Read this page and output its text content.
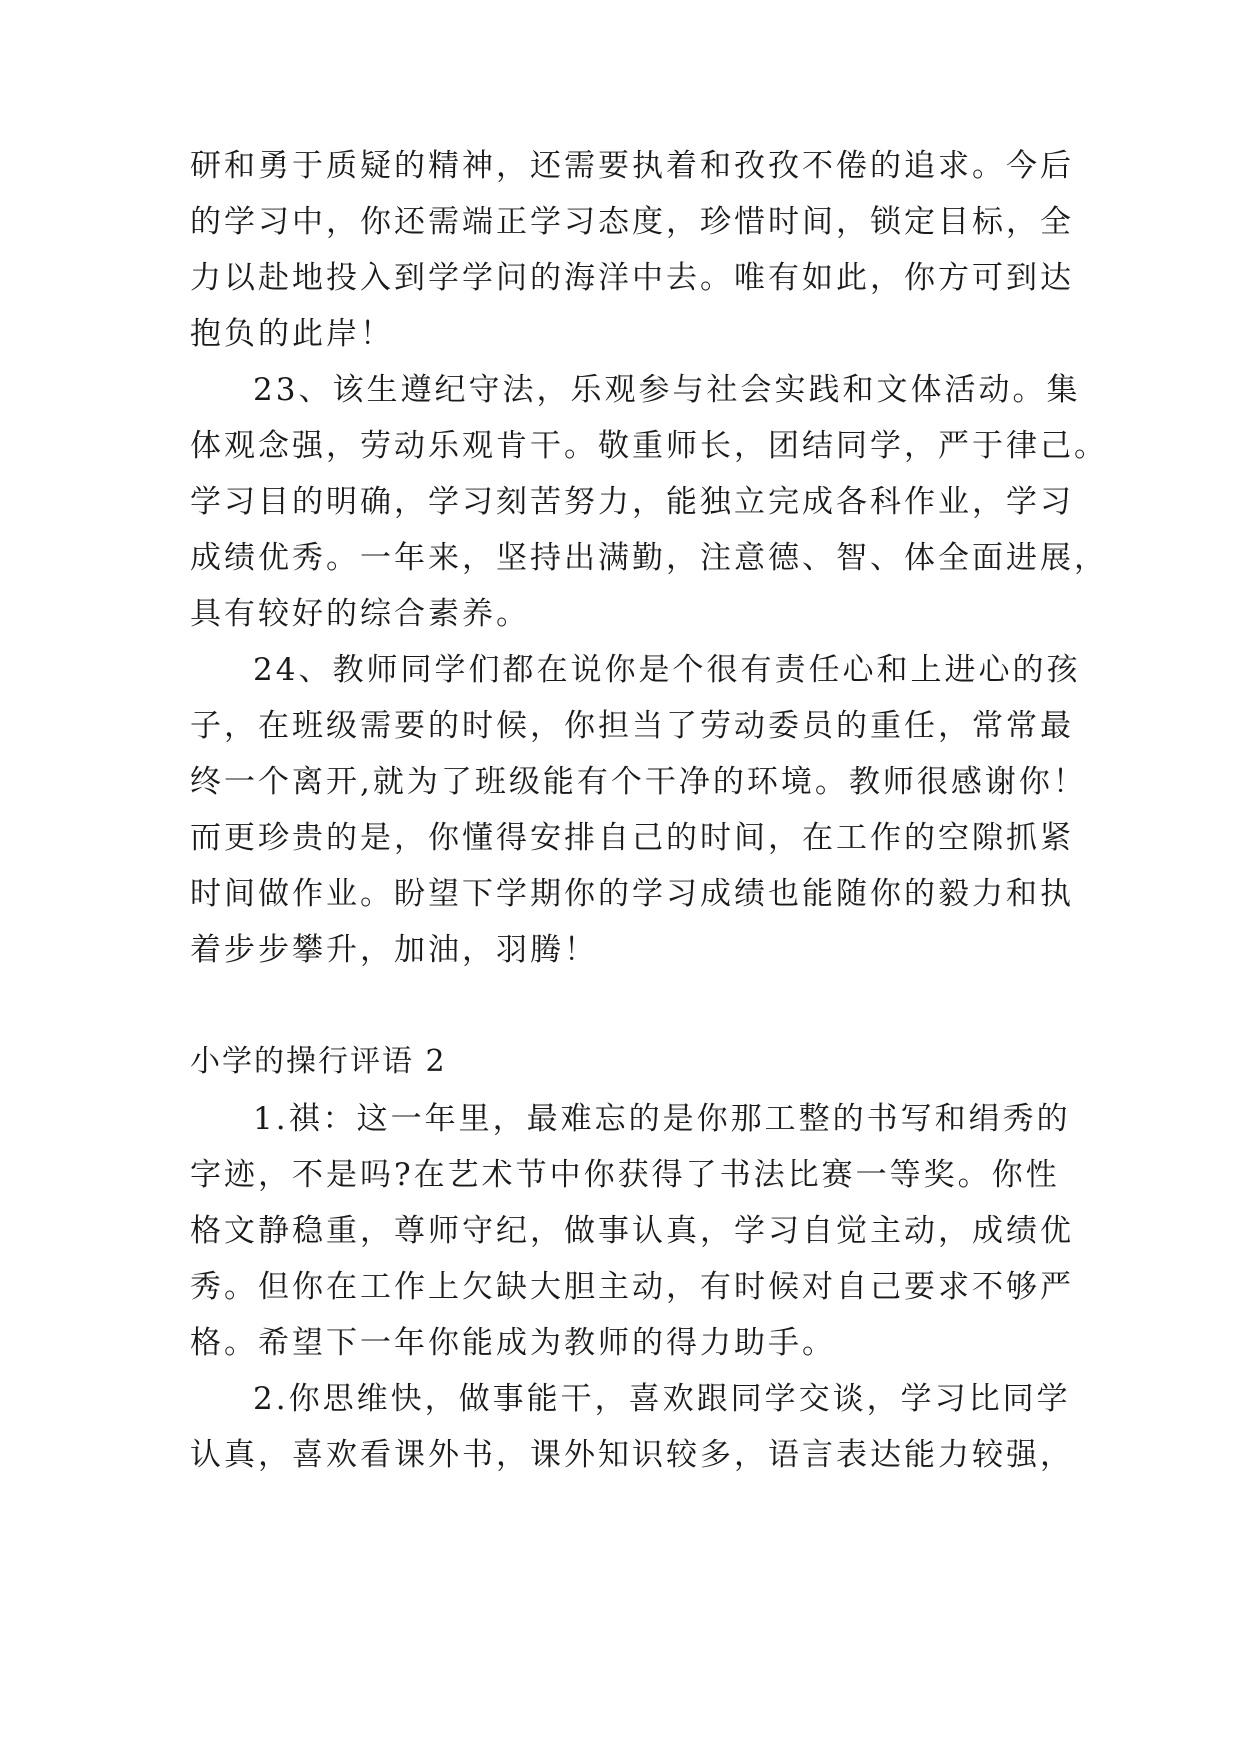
研和勇于质疑的精神，还需要执着和孜孜不倦的追求。今后
的学习中，你还需端正学习态度，珍惜时间，锁定目标，全
力以赴地投入到学学问的海洋中去。唯有如此，你方可到达
抱负的此岸！
23、该生遵纪守法，乐观参与社会实践和文体活动。集
体观念强，劳动乐观肯干。敬重师长，团结同学，严于律己。
学习目的明确，学习刻苦努力，能独立完成各科作业，学习
成绩优秀。一年来，坚持出满勤，注意德、智、体全面进展，
具有较好的综合素养。
24、教师同学们都在说你是个很有责任心和上进心的孩
子，在班级需要的时候，你担当了劳动委员的重任，常常最
终一个离开,就为了班级能有个干净的环境。教师很感谢你！
而更珍贵的是，你懂得安排自己的时间，在工作的空隙抓紧
时间做作业。盼望下学期你的学习成绩也能随你的毅力和执
着步步攀升，加油，羽腾！
小学的操行评语 2
1.祺：这一年里，最难忘的是你那工整的书写和绢秀的
字迹，不是吗?在艺术节中你获得了书法比赛一等奖。你性
格文静稳重，尊师守纪，做事认真，学习自觉主动，成绩优
秀。但你在工作上欠缺大胆主动，有时候对自己要求不够严
格。希望下一年你能成为教师的得力助手。
2.你思维快，做事能干，喜欢跟同学交谈，学习比同学
认真，喜欢看课外书，课外知识较多，语言表达能力较强，
